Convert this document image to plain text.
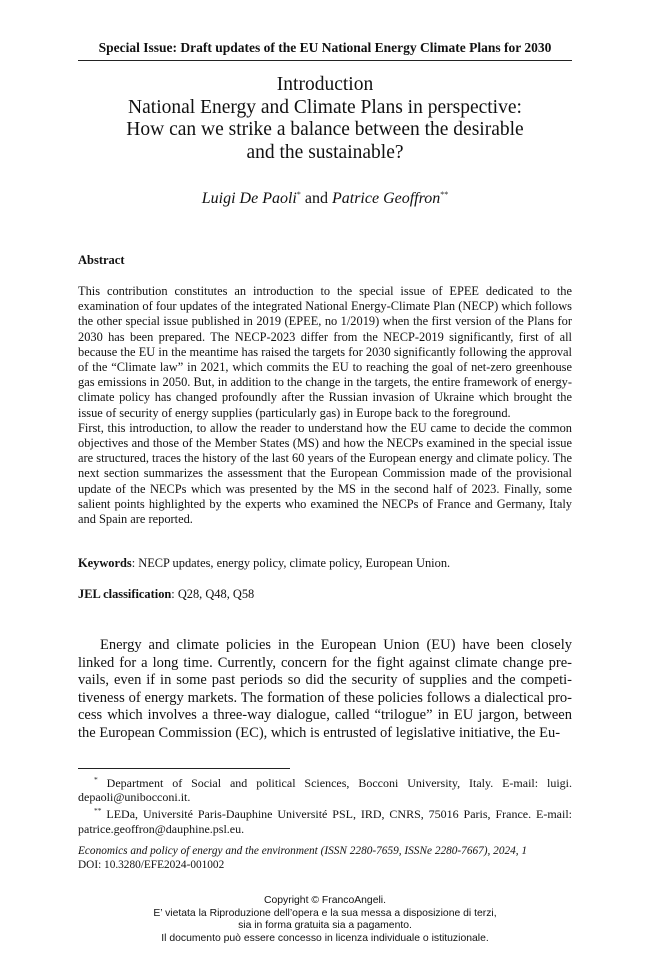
Special Issue: Draft updates of the EU National Energy Climate Plans for 2030
Introduction
National Energy and Climate Plans in perspective:
How can we strike a balance between the desirable
and the sustainable?
Luigi De Paoli* and Patrice Geoffron**
Abstract

This contribution constitutes an introduction to the special issue of EPEE dedicated to the examination of four updates of the integrated National Energy-Climate Plan (NECP) which follows the other special issue published in 2019 (EPEE, no 1/2019) when the first version of the Plans for 2030 has been prepared. The NECP-2023 differ from the NECP-2019 significantly, first of all because the EU in the meantime has raised the targets for 2030 significantly following the approval of the “Climate law” in 2021, which commits the EU to reaching the goal of net-zero greenhouse gas emissions in 2050. But, in addition to the change in the targets, the entire framework of energy-climate policy has changed profoundly after the Russian invasion of Ukraine which brought the issue of security of energy supplies (particularly gas) in Europe back to the foreground.

First, this introduction, to allow the reader to understand how the EU came to decide the common objectives and those of the Member States (MS) and how the NECPs examined in the special issue are structured, traces the history of the last 60 years of the European energy and climate policy. The next section summarizes the assessment that the European Commission made of the provisional update of the NECPs which was presented by the MS in the second half of 2023. Finally, some salient points highlighted by the experts who examined the NECPs of France and Germany, Italy and Spain are reported.

Keywords: NECP updates, energy policy, climate policy, European Union.
JEL classification: Q28, Q48, Q58

Energy and climate policies in the European Union (EU) have been closely linked for a long time. Currently, concern for the fight against climate change prevails, even if in some past periods so did the security of supplies and the competitiveness of energy markets. The formation of these policies follows a dialectical process which involves a three-way dialogue, called “trilogue” in EU jargon, between the European Commission (EC), which is entrusted of legislative initiative, the Eu-

* Department of Social and political Sciences, Bocconi University, Italy. E-mail: luigi. depaoli@unibocconi.it.

** LEDa, Université Paris-Dauphine Université PSL, IRD, CNRS, 75016 Paris, France. E-mail: patrice.geoffron@dauphine.psl.eu.

Economics and policy of energy and the environment (ISSN 2280-7659, ISSNe 2280-7667), 2024, 1
DOI: 10.3280/EFE2024-001002
Copyright © FrancoAngeli.
E’ vietata la Riproduzione dell’opera e la sua messa a disposizione di terzi,
sia in forma gratuita sia a pagamento.
Il documento può essere concesso in licenza individuale o istituzionale.
